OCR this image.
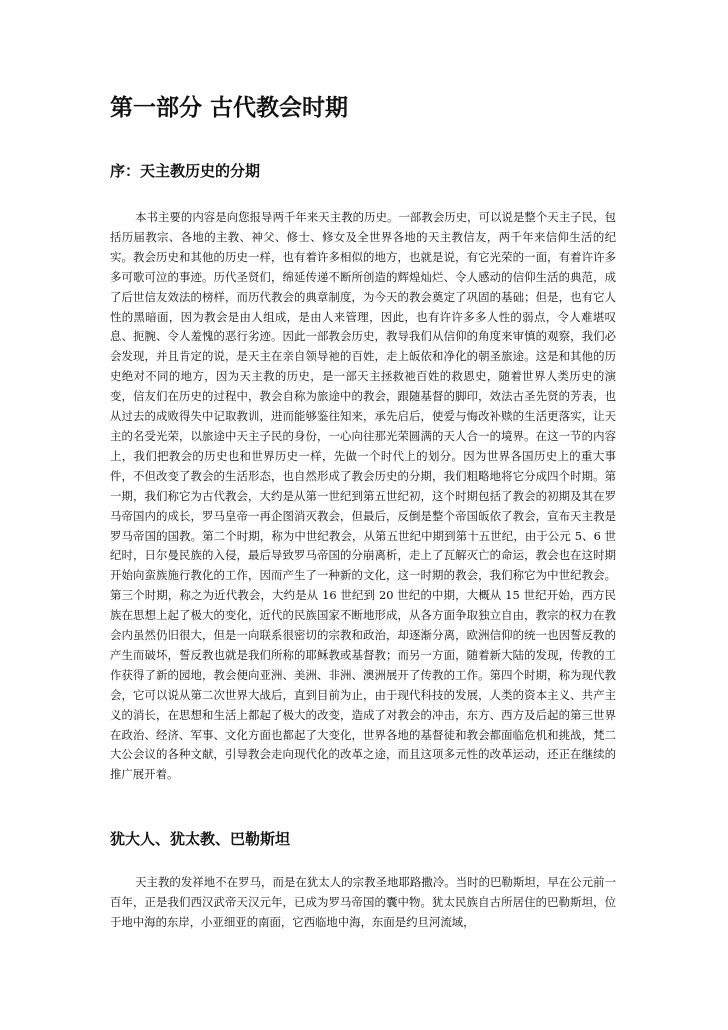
第一部分 古代教会时期
序：天主教历史的分期

本书主要的内容是向您报导两千年来天主教的历史。一部教会历史，可以说是整个天主子民，包括历届教宗、各地的主教、神父、修士、修女及全世界各地的天主教信友，两千年来信仰生活的纪实。教会历史和其他的历史一样，也有着许多相似的地方，也就是说，有它光荣的一面，有着许许多多可歌可泣的事迹。历代圣贤们，绵延传递不断所创造的辉煌灿烂、令人感动的信仰生活的典范，成了后世信友效法的榜样，而历代教会的典章制度，为今天的教会奠定了巩固的基础；但是，也有它人性的黑暗面，因为教会是由人组成，是由人来管理，因此，也有许许多多人性的弱点，令人难堪叹息、扼腕、令人羞愧的恶行劣迹。因此一部教会历史，教导我们从信仰的角度来审慎的观察，我们必会发现，并且肯定的说，是天主在亲自领导祂的百姓，走上皈依和净化的朝圣旅途。这是和其他的历史绝对不同的地方，因为天主教的历史，是一部天主拯救祂百姓的救恩史，随着世界人类历史的演变，信友们在历史的过程中，教会自称为旅途中的教会，跟随基督的脚印，效法古圣先贤的芳表，也从过去的成败得失中记取教训，进而能够鉴往知来，承先启后，使爱与悔改补赎的生活更落实，让天主的名受光荣，以旅途中天主子民的身份，一心向往那光荣圆满的天人合一的境界。在这一节的内容上，我们把教会的历史也和世界历史一样，先做一个时代上的划分。因为世界各国历史上的重大事件，不但改变了教会的生活形态，也自然形成了教会历史的分期，我们粗略地将它分成四个时期。第一期，我们称它为古代教会，大约是从第一世纪到第五世纪初，这个时期包括了教会的初期及其在罗马帝国内的成长，罗马皇帝一再企图消灭教会，但最后，反倒是整个帝国皈依了教会，宣布天主教是罗马帝国的国教。第二个时期，称为中世纪教会，从第五世纪中期到第十五世纪，由于公元 5、6 世纪时，日尔曼民族的入侵，最后导致罗马帝国的分崩离析，走上了瓦解灭亡的命运，教会也在这时期开始向蛮族施行教化的工作，因而产生了一种新的文化，这一时期的教会，我们称它为中世纪教会。第三个时期，称之为近代教会，大约是从 16 世纪到 20 世纪的中期，大概从 15 世纪开始，西方民族在思想上起了极大的变化，近代的民族国家不断地形成，从各方面争取独立自由，教宗的权力在教会内虽然仍旧很大，但是一向联系很密切的宗教和政治，却逐渐分离，欧洲信仰的统一也因誓反教的产生而破坏，誓反教也就是我们所称的耶稣教或基督教；而另一方面，随着新大陆的发现，传教的工作获得了新的园地，教会便向亚洲、美洲、非洲、澳洲展开了传教的工作。第四个时期，称为现代教会，它可以说从第二次世界大战后，直到目前为止，由于现代科技的发展，人类的资本主义、共产主义的消长，在思想和生活上都起了极大的改变，造成了对教会的冲击，东方、西方及后起的第三世界在政治、经济、军事、文化方面也都起了大变化，世界各地的基督徒和教会都面临危机和挑战，梵二大公会议的各种文献，引导教会走向现代化的改革之途，而且这项多元性的改革运动，还正在继续的推广展开着。

犹大人、犹太教、巴勒斯坦

天主教的发祥地不在罗马，而是在犹太人的宗教圣地耶路撒冷。当时的巴勒斯坦，早在公元前一百年，正是我们西汉武帝天汉元年，已成为罗马帝国的囊中物。犹太民族自古所居住的巴勒斯坦，位于地中海的东岸，小亚细亚的南面，它西临地中海，东面是约旦河流域，
